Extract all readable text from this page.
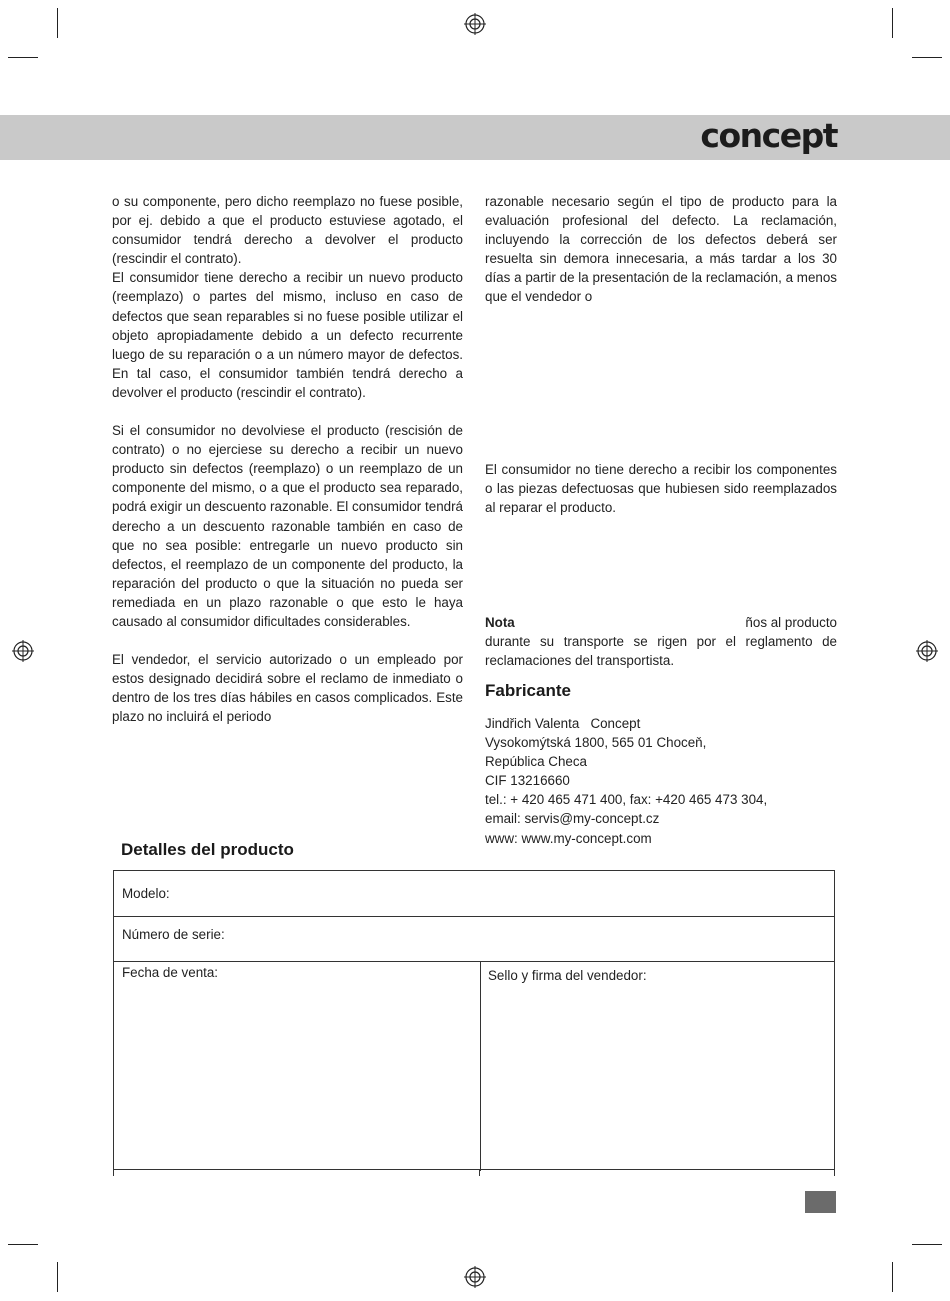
concept

o su componente, pero dicho reemplazo no fuese posible, por ej. debido a que el producto estuviese agotado, el consumidor tendrá derecho a devolver el producto (rescindir el contrato).

El consumidor tiene derecho a recibir un nuevo producto (reemplazo) o partes del mismo, incluso en caso de defectos que sean reparables si no fuese posible utilizar el objeto apropiadamente debido a un defecto recurrente luego de su reparación o a un número mayor de defectos. En tal caso, el consumidor también tendrá derecho a devolver el producto (rescindir el contrato).

Si el consumidor no devolviese el producto (rescisión de contrato) o no ejerciese su derecho a recibir un nuevo producto sin defectos (reemplazo) o un reemplazo de un componente del mismo, o a que el producto sea reparado, podrá exigir un descuento razonable. El consumidor tendrá derecho a un descuento razonable también en caso de que no sea posible: entregarle un nuevo producto sin defectos, el reemplazo de un componente del producto, la reparación del producto o que la situación no pueda ser remediada en un plazo razonable o que esto le haya causado al consumidor dificultades considerables.

El vendedor, el servicio autorizado o un empleado por estos designado decidirá sobre el reclamo de inmediato o dentro de los tres días hábiles en casos complicados. Este plazo no incluirá el periodo

razonable necesario según el tipo de producto para la evaluación profesional del defecto. La reclamación, incluyendo la corrección de los defectos deberá ser resuelta sin demora innecesaria, a más tardar a los 30 días a partir de la presentación de la reclamación, a menos que el vendedor o

El consumidor no tiene derecho a recibir los componentes o las piezas defectuosas que hubiesen sido reemplazados al reparar el producto.

Nota	ños al producto

durante su transporte se rigen por el reglamento de reclamaciones del transportista.

Fabricante
Jindřich Valenta   Concept
Vysokomýtská 1800, 565 01 Choceň,
República Checa
CIF 13216660
tel.: + 420 465 471 400, fax: +420 465 473 304,
email: servis@my-concept.cz
www: www.my-concept.com
Detalles del producto
Modelo:
Número de serie:
Fecha de venta:	Sello y firma del vendedor:
